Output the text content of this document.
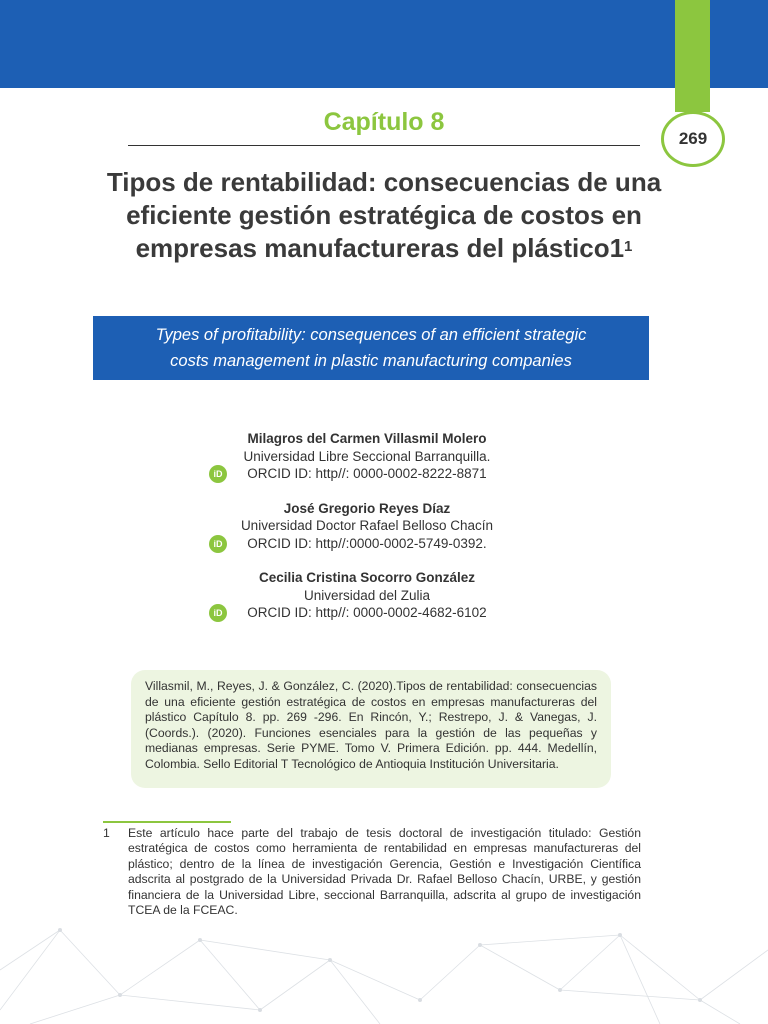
269
Capítulo 8
Tipos de rentabilidad: consecuencias de una eficiente gestión estratégica de costos en empresas manufactureras del $plástico1^1$
Types of profitability: consequences of an efficient strategic
costs management in plastic manufacturing companies
Milagros del Carmen Villasmil Molero
Universidad Libre Seccional Barranquilla.
iD	ORCID ID: http//: 0000-0002-8222-8871
José Gregorio Reyes Díaz
Universidad Doctor Rafael Belloso Chacín
iD	ORCID ID: http//:0000-0002-5749-0392.
Cecilia Cristina Socorro González
Universidad del Zulia
iD	ORCID ID: http//: 0000-0002-4682-6102
Villasmil, M., Reyes, J. & González, C. (2020).Tipos de rentabilidad: consecuencias de una eficiente gestión estratégica de costos en empresas manufactureras del plástico Capítulo 8. pp. 269 -296. En Rincón, Y.; Restrepo, J. & Vanegas, J. (Coords.). (2020). Funciones esenciales para la gestión de las pequeñas y medianas empresas. Serie PYME. Tomo V. Primera Edición. pp. 444. Medellín, Colombia. Sello Editorial T Tecnológico de Antioquia Institución Universitaria.
1 Este artículo hace parte del trabajo de tesis doctoral de investigación titulado: Gestión estratégica de costos como herramienta de rentabilidad en empresas manufactureras del plástico; dentro de la línea de investigación Gerencia, Gestión e Investigación Científica adscrita al postgrado de la Universidad Privada Dr. Rafael Belloso Chacín, URBE, y gestión financiera de la Universidad Libre, seccional Barranquilla, adscrita al grupo de investigación TCEA de la FCEAC.
